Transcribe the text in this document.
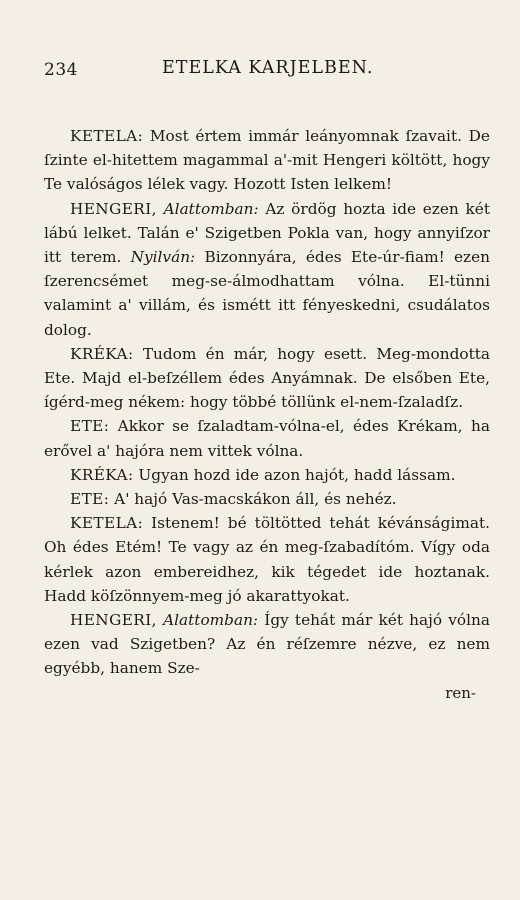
234	ETELKA KARJELBEN.

KETELA: Most értem immár leányomnak ſzavait. De ſzinte el-hitettem magammal a'-mit Hengeri költött, hogy Te valóságos lélek vagy. Hozott Isten lelkem!

HENGERI, Alattomban: Az ördög hozta ide ezen két lábú lelket. Talán e' Szigetben Pokla van, hogy annyiſzor itt terem. Nyilván: Bizonnyára, édes Ete-úr-fiam! ezen ſzerencsémet meg-se-álmodhattam vólna. El-tünni valamint a' villám, és ismétt itt fényeskedni, csudálatos dolog.

KRÉKA: Tudom én már, hogy esett. Meg-mondotta Ete. Majd el-beſzéllem édes Anyámnak. De elsőben Ete, ígérd-meg nékem: hogy többé töllünk el-nem-ſzaladſz.

ETE: Akkor se ſzaladtam-vólna-el, édes Krékam, ha erővel a' hajóra nem vittek vólna.

KRÉKA: Ugyan hozd ide azon hajót, hadd lássam.

ETE: A' hajó Vas-macskákon áll, és nehéz.

KETELA: Istenem! bé töltötted tehát kévánságimat. Oh édes Etém! Te vagy az én meg-ſzabadítóm. Vígy oda kérlek azon embereidhez, kik tégedet ide hoztanak. Hadd köſzönnyem-meg jó akarattyokat.

HENGERI, Alattomban: Így tehát már két hajó vólna ezen vad Szigetben? Az én réſzemre nézve, ez nem egyébb, hanem Sze-

ren-
